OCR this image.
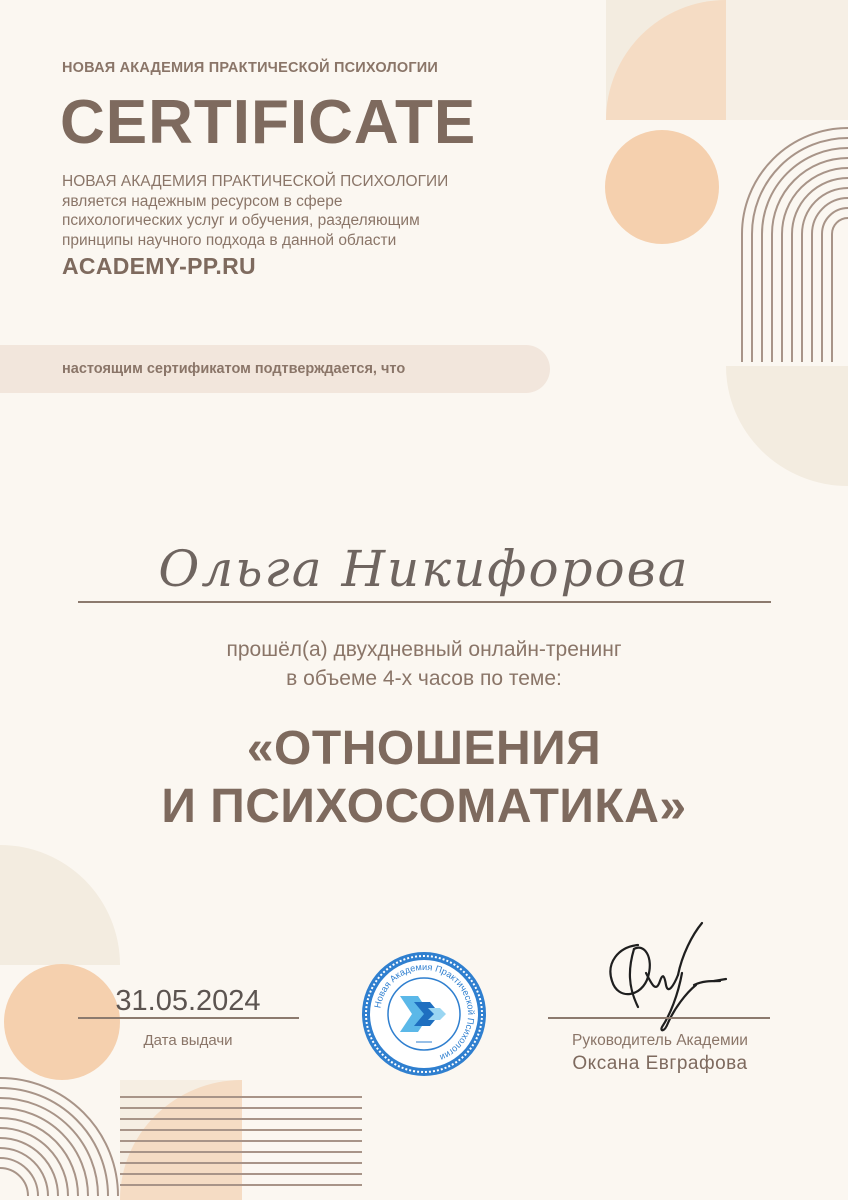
НОВАЯ АКАДЕМИЯ ПРАКТИЧЕСКОЙ ПСИХОЛОГИИ

CERTIFICATE

НОВАЯ АКАДЕМИЯ ПРАКТИЧЕСКОЙ ПСИХОЛОГИИ
является надежным ресурсом в сфере
психологических услуг и обучения, разделяющим
принципы научного подхода в данной области

ACADEMY-PP.RU

настоящим сертификатом подтверждается, что

Ольга Никифорова

прошёл(а) двухдневный онлайн-тренинг
в объеме 4-х часов по теме:

«ОТНОШЕНИЯ
И ПСИХОСОМАТИКА»

31.05.2024

Дата выдачи

Новая Академия Практической Психологии

Руководитель Академии

Оксана Евграфова
